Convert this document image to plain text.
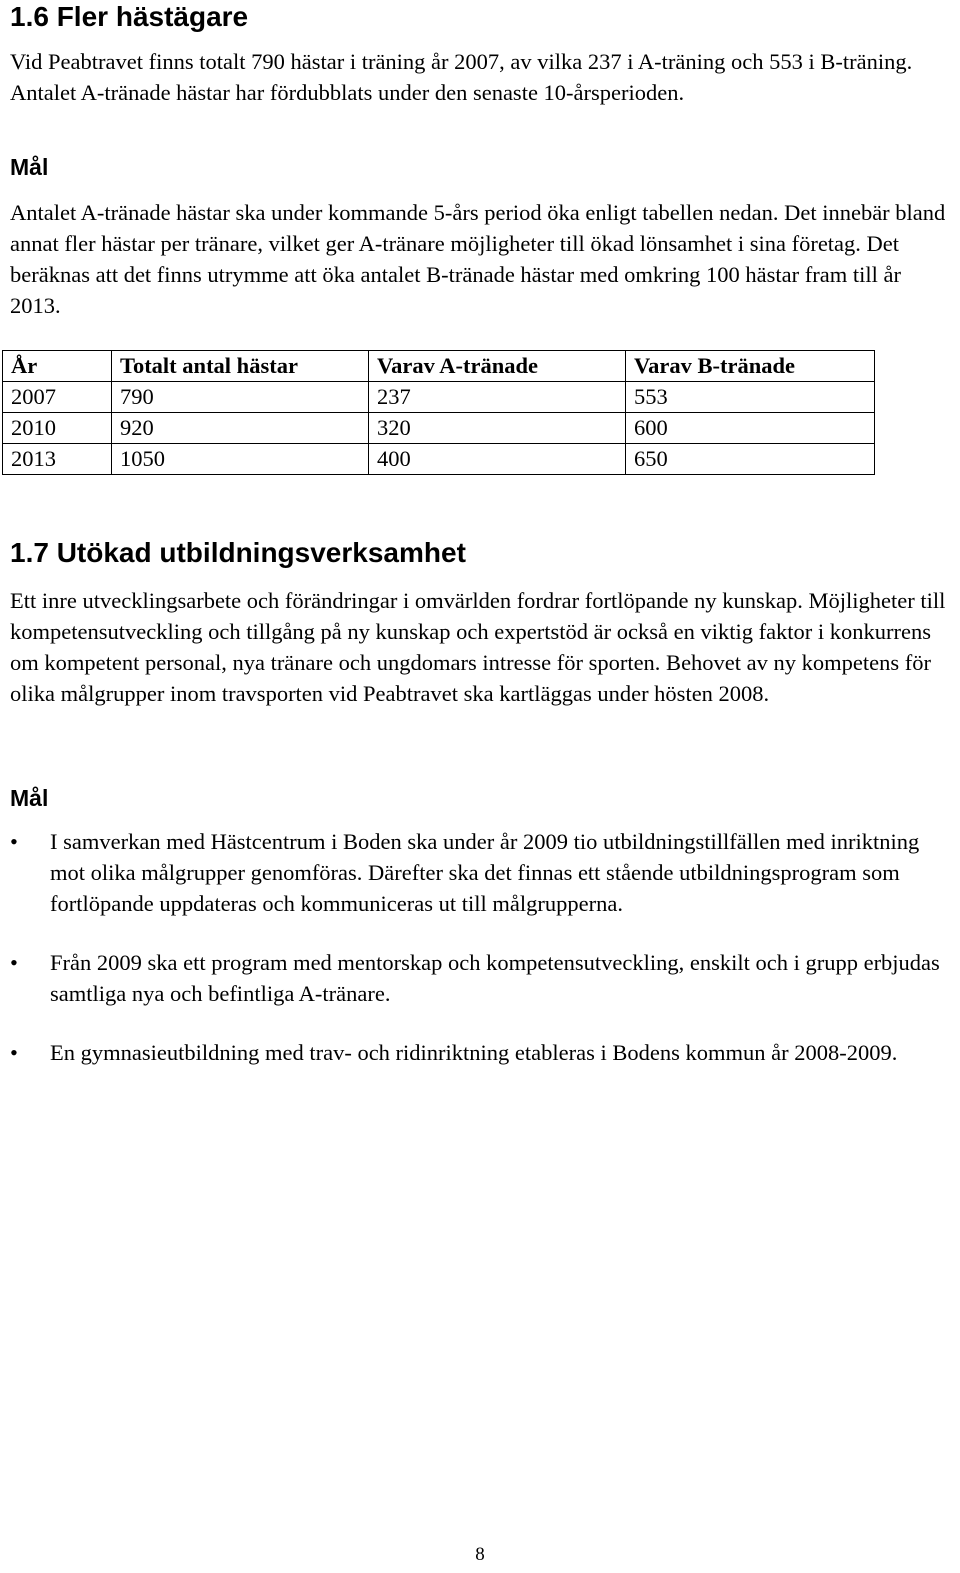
1.6 Fler hästägare

Vid Peabtravet finns totalt 790 hästar i träning år 2007, av vilka 237 i A-träning och 553 i B-träning. Antalet A-tränade hästar har fördubblats under den senaste 10-årsperioden.

Mål

Antalet A-tränade hästar ska under kommande 5-års period öka enligt tabellen nedan. Det innebär bland annat fler hästar per tränare, vilket ger A-tränare möjligheter till ökad lönsamhet i sina företag. Det beräknas att det finns utrymme att öka antalet B-tränade hästar med omkring 100 hästar fram till år 2013.

År	Totalt antal hästar	Varav A-tränade	Varav B-tränade
2007	790	237	553
2010	920	320	600
2013	1050	400	650
1.7 Utökad utbildningsverksamhet

Ett inre utvecklingsarbete och förändringar i omvärlden fordrar fortlöpande ny kunskap. Möjligheter till kompetensutveckling och tillgång på ny kunskap och expertstöd är också en viktig faktor i konkurrens om kompetent personal, nya tränare och ungdomars intresse för sporten. Behovet av ny kompetens för olika målgrupper inom travsporten vid Peabtravet ska kartläggas under hösten 2008.

Mål
• I samverkan med Hästcentrum i Boden ska under år 2009 tio utbildningstillfällen med inriktning mot olika målgrupper genomföras. Därefter ska det finnas ett stående utbildningsprogram som fortlöpande uppdateras och kommuniceras ut till målgrupperna.
• Från 2009 ska ett program med mentorskap och kompetensutveckling, enskilt och i grupp erbjudas samtliga nya och befintliga A-tränare.
• En gymnasieutbildning med trav- och ridinriktning etableras i Bodens kommun år 2008-2009.
8
